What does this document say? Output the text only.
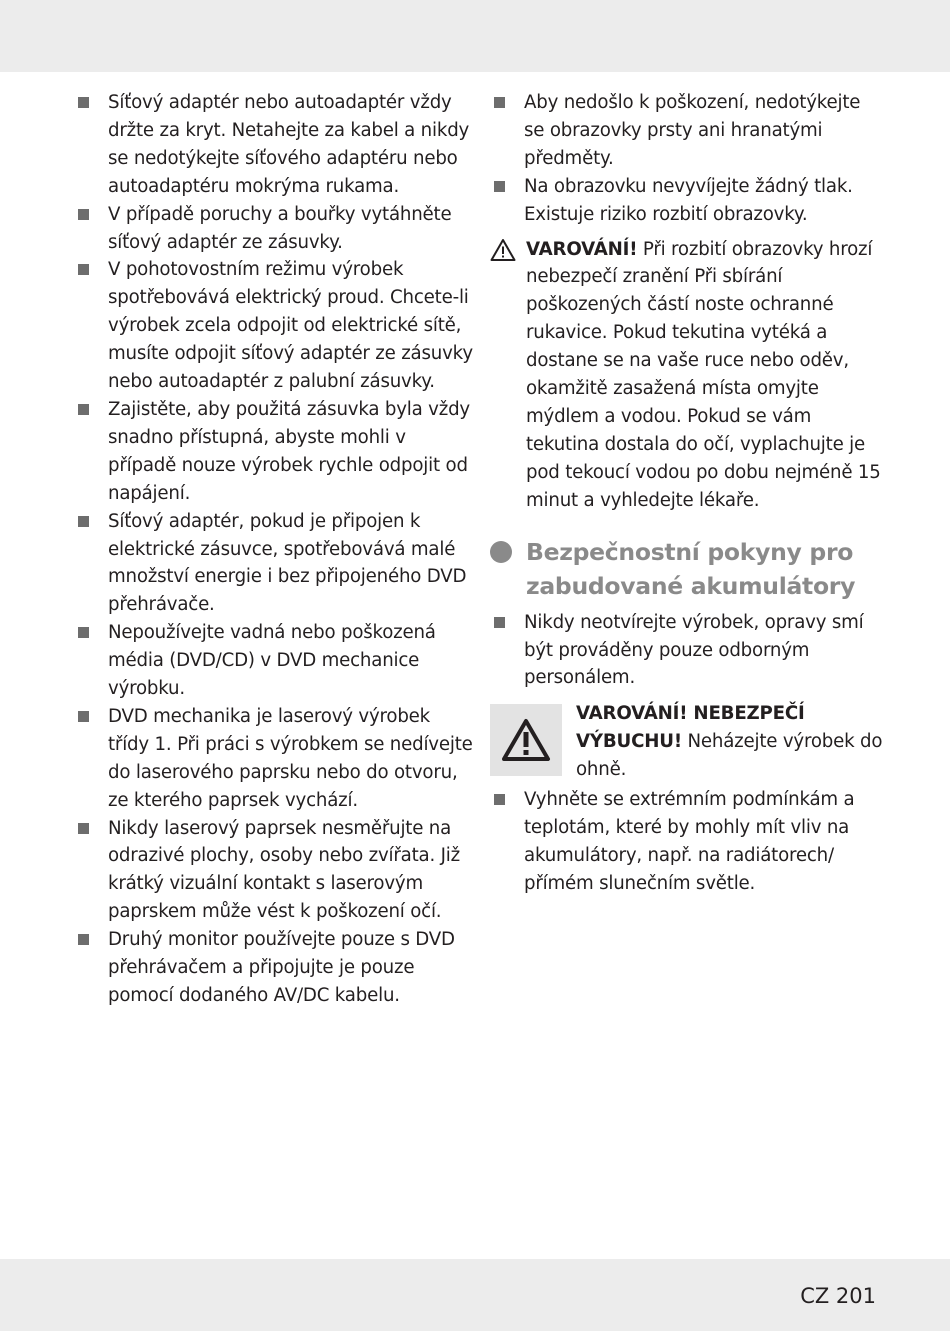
Síťový adaptér nebo autoadaptér vždy držte za kryt. Netahejte za kabel a nikdy se nedotýkejte síťového adaptéru nebo autoadaptéru mokrýma rukama.
V případě poruchy a bouřky vytáhněte síťový adaptér ze zásuvky.
V pohotovostním režimu výrobek spotřebovává elektrický proud. Chcete-li výrobek zcela odpojit od elektrické sítě, musíte odpojit síťový adaptér ze zásuvky nebo autoadaptér z palubní zásuvky.
Zajistěte, aby použitá zásuvka byla vždy snadno přístupná, abyste mohli v případě nouze výrobek rychle odpojit od napájení.
Síťový adaptér, pokud je připojen k elektrické zásuvce, spotřebovává malé množství energie i bez připojeného DVD přehrávače.
Nepoužívejte vadná nebo poškozená média (DVD/CD) v DVD mechanice výrobku.
DVD mechanika je laserový výrobek třídy 1. Při práci s výrobkem se nedívejte do laserového paprsku nebo do otvoru, ze kterého paprsek vychází.
Nikdy laserový paprsek nesměřujte na odrazivé plochy, osoby nebo zvířata. Již krátký vizuální kontakt s laserovým paprskem může vést k poškození očí.
Druhý monitor používejte pouze s DVD přehrávačem a připojujte je pouze pomocí dodaného AV/DC kabelu.
Aby nedošlo k poškození, nedotýkejte se obrazovky prsty ani hranatými předměty.
Na obrazovku nevyvíjejte žádný tlak. Existuje riziko rozbití obrazovky.
VAROVÁNÍ! Při rozbití obrazovky hrozí nebezpečí zranění Při sbírání poškozených částí noste ochranné rukavice. Pokud tekutina vytéká a dostane se na vaše ruce nebo oděv, okamžitě zasažená místa omyjte mýdlem a vodou. Pokud se vám tekutina dostala do očí, vyplachujte je pod tekoucí vodou po dobu nejméně 15 minut a vyhledejte lékaře.
Bezpečnostní pokyny pro zabudované akumulátory
Nikdy neotvírejte výrobek, opravy smí být prováděny pouze odborným personálem.
VAROVÁNÍ! NEBEZPEČÍ VÝBUCHU! Neházejte výrobek do ohně.
Vyhněte se extrémním podmínkám a teplotám, které by mohly mít vliv na akumulátory, např. na radiátorech/ přímém slunečním světle.
CZ 201
